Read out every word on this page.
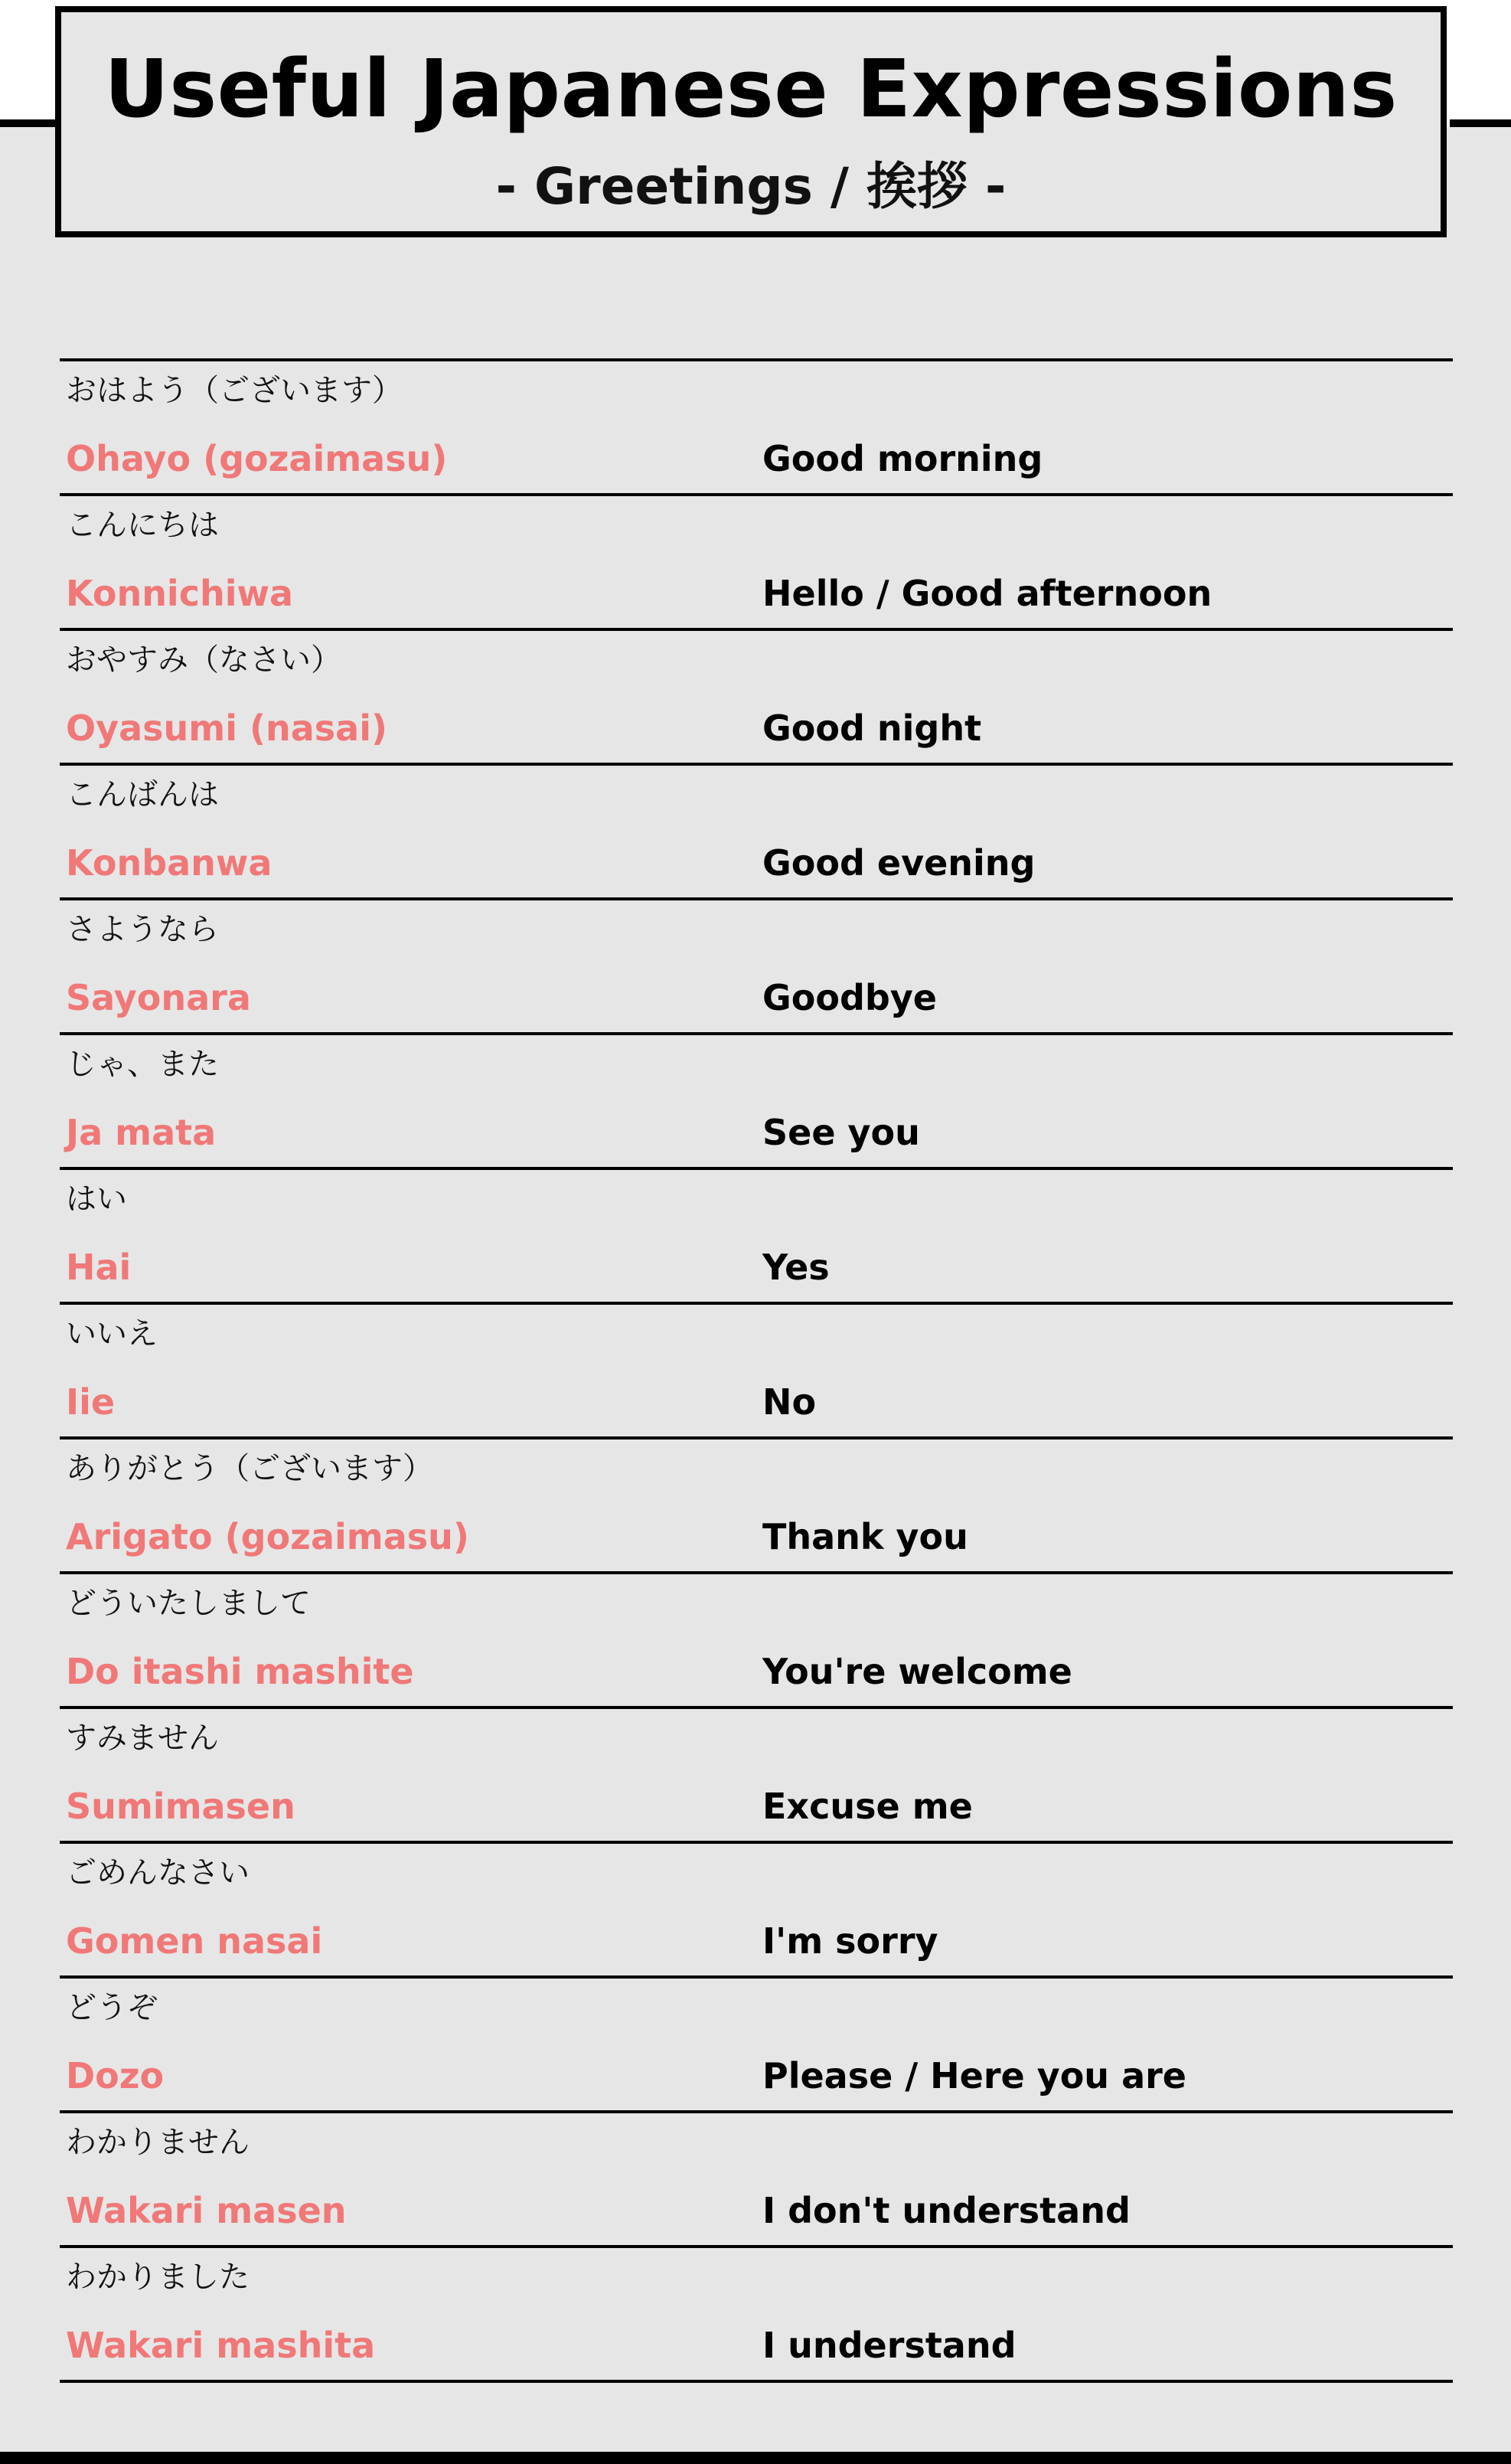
Useful Japanese Expressions
- Greetings / 挨拶 -
おはよう（ございます）
Ohayo (gozaimasu)	Good morning
こんにちは
Konnichiwa	Hello / Good afternoon
おやすみ（なさい）
Oyasumi (nasai)	Good night
こんばんは
Konbanwa	Good evening
さようなら
Sayonara	Goodbye
じゃ、また
Ja mata	See you
はい
Hai	Yes
いいえ
Iie	No
ありがとう（ございます）
Arigato (gozaimasu)	Thank you
どういたしまして
Do itashi mashite	You're welcome
すみません
Sumimasen	Excuse me
ごめんなさい
Gomen nasai	I'm sorry
どうぞ
Dozo	Please / Here you are
わかりません
Wakari masen	I don't understand
わかりました
Wakari mashita	I understand
